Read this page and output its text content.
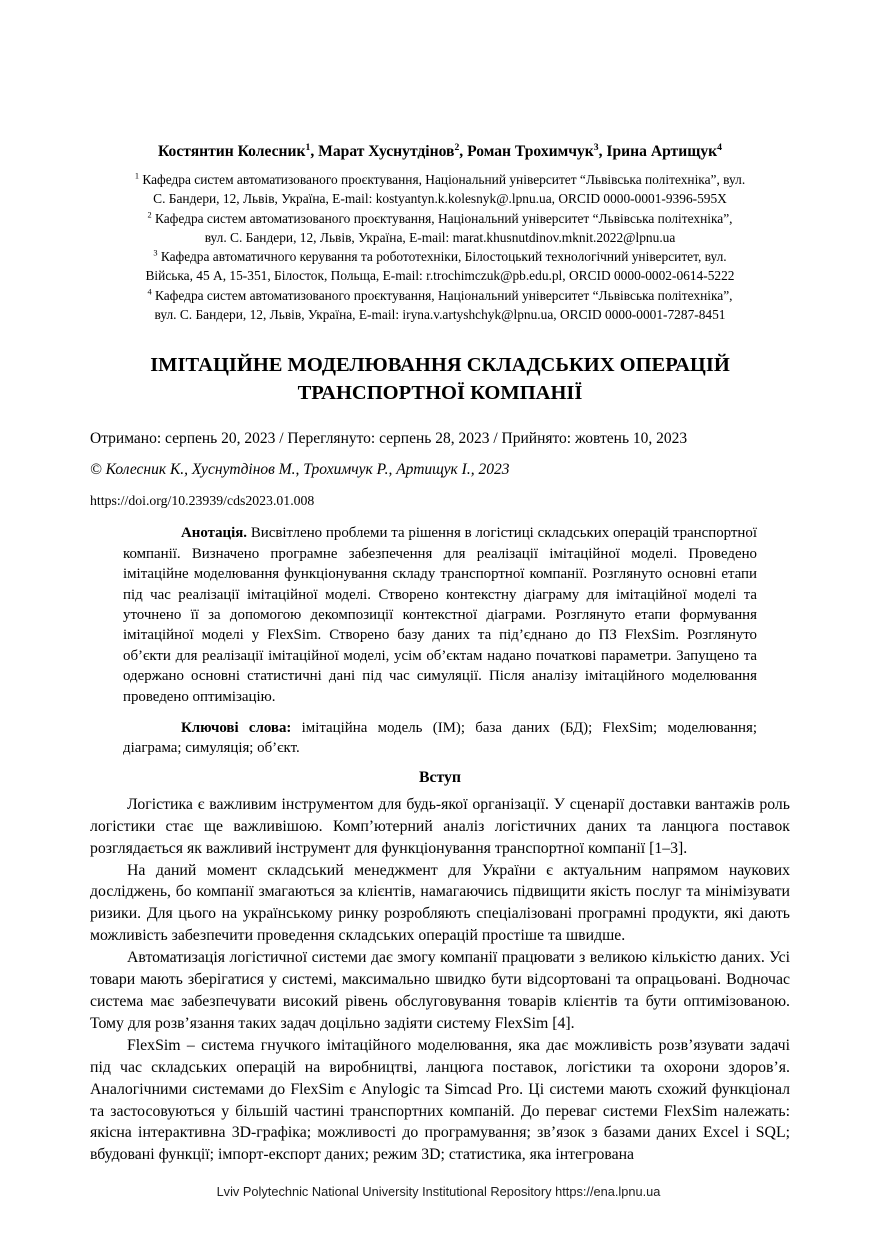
Костянтин Колесник$^1$, Марат Хуснутдінов$^2$, Роман Трохимчук$^3$, Ірина Артищук$^4$
$^1$ Кафедра систем автоматизованого проєктування, Національний університет “Львівська політехніка”, вул.
С. Бандери, 12, Львів, Україна, E-mail: kostyantyn.k.kolesnyk@.lpnu.ua, ORCID 0000-0001-9396-595X
$^2$ Кафедра систем автоматизованого проєктування, Національний університет “Львівська політехніка”,
вул. С. Бандери, 12, Львів, Україна, E-mail: marat.khusnutdinov.mknit.2022@lpnu.ua
$^3$ Кафедра автоматичного керування та робототехніки, Білостоцький технологічний університет, вул.
Війська, 45 А, 15-351, Білосток, Польща, E-mail: r.trochimczuk@pb.edu.pl, ORCID 0000-0002-0614-5222
$^4$ Кафедра систем автоматизованого проєктування, Національний університет “Львівська політехніка”,
вул. С. Бандери, 12, Львів, Україна, E-mail: iryna.v.artyshchyk@lpnu.ua, ORCID 0000-0001-7287-8451
ІМІТАЦІЙНЕ МОДЕЛЮВАННЯ СКЛАДСЬКИХ ОПЕРАЦІЙ
ТРАНСПОРТНОЇ КОМПАНІЇ

Отримано: серпень 20, 2023 / Переглянуто: серпень 28, 2023 / Прийнято: жовтень 10, 2023

© Колесник К., Хуснутдінов М., Трохимчук Р., Артищук І., 2023

https://doi.org/10.23939/cds2023.01.008

Анотація. Висвітлено проблеми та рішення в логістиці складських операцій транспортної компанії. Визначено програмне забезпечення для реалізації імітаційної моделі. Проведено імітаційне моделювання функціонування складу транспортної компанії. Розглянуто основні етапи під час реалізації імітаційної моделі. Створено контекстну діаграму для імітаційної моделі та уточнено її за допомогою декомпозиції контекстної діаграми. Розглянуто етапи формування імітаційної моделі у FlexSim. Створено базу даних та під’єднано до ПЗ FlexSim. Розглянуто об’єкти для реалізації імітаційної моделі, усім об’єктам надано початкові параметри. Запущено та одержано основні статистичні дані під час симуляції. Після аналізу імітаційного моделювання проведено оптимізацію.

Ключові слова: імітаційна модель (ІМ); база даних (БД); FlexSim; моделювання; діаграма; симуляція; об’єкт.

Вступ

Логістика є важливим інструментом для будь-якої організації. У сценарії доставки вантажів роль логістики стає ще важливішою. Комп’ютерний аналіз логістичних даних та ланцюга поставок розглядається як важливий інструмент для функціонування транспортної компанії [1–3].

На даний момент складський менеджмент для України є актуальним напрямом наукових досліджень, бо компанії змагаються за клієнтів, намагаючись підвищити якість послуг та мінімізувати ризики. Для цього на українському ринку розробляють спеціалізовані програмні продукти, які дають можливість забезпечити проведення складських операцій простіше та швидше.

Автоматизація логістичної системи дає змогу компанії працювати з великою кількістю даних. Усі товари мають зберігатися у системі, максимально швидко бути відсортовані та опрацьовані. Водночас система має забезпечувати високий рівень обслуговування товарів клієнтів та бути оптимізованою. Тому для розв’язання таких задач доцільно задіяти систему FlexSim [4].

FlexSim – система гнучкого імітаційного моделювання, яка дає можливість розв’язувати задачі під час складських операцій на виробництві, ланцюга поставок, логістики та охорони здоров’я. Аналогічними системами до FlexSim є Anylogic та Simcad Pro. Ці системи мають схожий функціонал та застосовуються у більшій частині транспортних компаній. До переваг системи FlexSim належать: якісна інтерактивна 3D-графіка; можливості до програмування; зв’язок з базами даних Excel і SQL; вбудовані функції; імпорт-експорт даних; режим 3D; статистика, яка інтегрована

Lviv Polytechnic National University Institutional Repository https://ena.lpnu.ua
